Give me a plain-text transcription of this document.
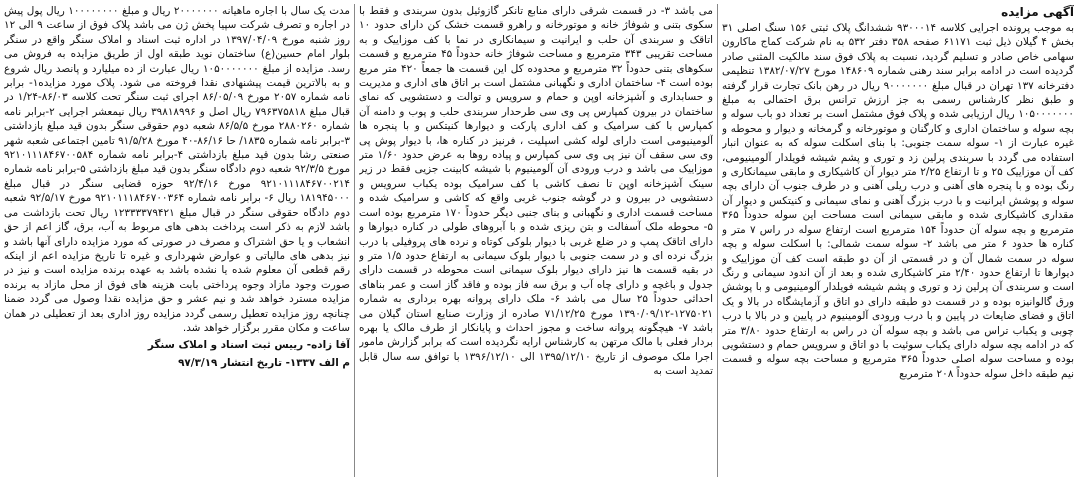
آگهی مزایده
به موجب پرونده اجرایی کلاسه ۹۳۰۰۰۱۴ ششدانگ پلاک ثبتی ۱۵۶ سنگ اصلی ۳۱ بخش ۴ گیلان ذیل ثبت ۶۱۱۷۱ صفحه ۳۵۸ دفتر ۵۳۲ به نام شرکت کماج ماکارون سهامی خاص صادر و تسلیم گردید، نسبت به پلاک فوق سند مالکیت المثنی صادر گردیده است در ادامه برابر سند رهنی شماره ۱۴۸۶۰۹ مورخ ۱۳۸۲/۰۷/۲۷ تنظیمی دفترخانه ۱۳۷ تهران در قبال مبلغ ۹۰۰۰۰۰۰۰ ریال در رهن بانک تجارت قرار گرفته و طبق نظر کارشناس رسمی به جز ارزش ترانس برق احتمالی به مبلغ ۱۰۵۰۰۰۰۰۰۰ ریال ارزیابی شده و پلاک فوق مشتمل است بر تعداد دو باب سوله و بچه سوله و ساختمان اداری و کارگنان و موتورخانه و گرمخانه و دیوار و محوطه و غیره عبارت از ۱- سوله سمت جنوبی: با بنای اسکلت سوله که به عنوان انبار استفاده می گردد با سربندی پرلین زد و توری و پشم شیشه فویلدار آلومینیومی، کف آن موزاییک ۲۵ و تا ارتفاع ۲/۲۵ متر دیوار آن کاشیکاری و مابقی سیمانکاری و رنگ بوده و با پنجره های آهنی و درب ریلی آهنی و در طرف جنوب آن دارای بچه سوله و پوشش ایرانیت و با درب بزرگ آهنی و نمای سیمانی و کنیتکس و دیوار آن مقداری کاشیکاری شده و مابقی سیمانی است مساحت این سوله حدوداً ۳۶۵ مترمربع و بچه سوله آن حدوداً ۱۵۴ مترمربع است ارتفاع سوله در راس ۷ متر و کناره ها حدود ۶ متر می باشد ۲- سوله سمت شمالی: با اسکلت سوله و بچه سوله در سمت شمال آن و در قسمتی از آن دو طبقه است کف آن موزاییک و دیوارها تا ارتفاع حدود ۲/۴۰ متر کاشیکاری شده و بعد از آن اندود سیمانی و رنگ است و سربندی آن پرلین زد و توری و پشم شیشه فویلدار آلومینیومی و با پوشش ورق گالوانیزه بوده و در قسمت دو طبقه دارای دو اتاق و آزمایشگاه در بالا و یک اتاق و فضای ضایعات در پایین و با درب ورودی آلومینیوم در پایین و در بالا با درب چوبی و یکباب تراس می باشد و بچه سوله آن در راس به ارتفاع حدود ۳/۸۰ متر که در ادامه بچه سوله دارای یکباب سوئیت با دو اتاق و سرویس حمام و دستشویی بوده و مساحت سوله اصلی حدوداً ۳۶۵ مترمربع و مساحت بچه سوله و قسمت نیم طبقه داخل سوله حدوداً ۲۰۸ مترمربع
می باشد ۳- در قسمت شرقی دارای منابع تانکر گازوئیل بدون سربندی و فقط با سکوی بتنی و شوفاژ خانه و موتورخانه و راهرو قسمت خشک کن دارای حدود ۱۰ اتاقک و سربندی آن حلب و ایرانیت و سیمانکاری در نما با کف موزاییک و به مساحت تقریبی ۳۴۳ مترمربع و مساحت شوفاژ خانه حدوداً ۴۵ مترمربع و قسمت سکوهای بتنی حدوداً ۳۲ مترمربع و محدوده کل این قسمت ها جمعاً ۴۲۰ متر مربع بوده است ۴- ساختمان اداری و نگهبانی مشتمل است بر اتاق های اداری و مدیریت و حسابداری و آشپزخانه اوپن و حمام و سرویس و توالت و دستشویی که نمای ساختمان در بیرون کمپارس پی وی سی طرحدار سربندی حلب و پوب و دامنه آن کمپارس با کف سرامیک و کف اداری پارکت و دیوارها کنیتکس و با پنجره ها آلومینیومی است دارای لوله کشی اسپلیت ، فرنیز در کناره ها، با دیوار پوش پی وی سی سقف آن نیز پی وی سی کمپارس و پیاده روها به عرض حدود ۱/۶۰ متر موزاییک می باشد و درب ورودی آن آلومینیوم با شیشه کابینت جزیی فقط در زیر سینک آشپزخانه اوپن تا نصف کاشی با کف سرامیک بوده یکباب سرویس و دستشویی در بیرون و در گوشه جنوب غربی واقع که کاشی و سرامیک شده و مساحت قسمت اداری و نگهبانی و بنای جنبی دیگر حدوداً ۱۷۰ مترمربع بوده است ۵- محوطه ملک آسفالت و بتن ریزی شده و با آبروهای طولی در کناره دیوارها و دارای اتاقک پمپ و در ضلع غربی با دیوار بلوکی کوتاه و نرده های پروفیلی با درب بزرگ نرده ای و در سمت جنوبی با دیوار بلوک سیمانی به ارتفاع حدود ۱/۵ متر و در بقیه قسمت ها نیز دارای دیوار بلوک سیمانی است محوطه در قسمت دارای جدول و باغچه و دارای چاه آب و برق سه فاز بوده و فاقد گاز است و عمر بناهای احداثی حدوداً ۲۵ سال می باشد ۶- ملک دارای پروانه بهره برداری به شماره ۱۲۷۵۰۲۱-۱۳۹۰/۰۹/۱۲ مورخ ۷۱/۱۲/۲۵ صادره از وزارت صنایع استان گیلان می باشد ۷- هیچگونه پروانه ساخت و مجوز احداث و پایانکار از طرف مالک یا بهره بردار فعلی با مالک مرتهن به کارشناس ارایه نگردیده است که برابر گزارش مامور اجرا ملک موصوف از تاریخ ۱۳۹۵/۱۲/۱۰ الی ۱۳۹۶/۱۲/۱۰ با توافق سه سال قابل تمدید است به
مدت یک سال با اجاره ماهیانه ۲۰۰۰۰۰۰۰ ریال و مبلغ ۱۰۰۰۰۰۰۰۰ ریال پول پیش در اجاره و تصرف شرکت سپیا پخش ژن می باشد پلاک فوق از ساعت ۹ الی ۱۲ روز شنبه مورخ ۱۳۹۷/۰۴/۰۹ در اداره ثبت اسناد و املاک سنگر واقع در سنگر بلوار امام حسین(ع) ساختمان نوید طبقه اول از طریق مزایده به فروش می رسد. مزایده از مبلغ ۱۰۵۰۰۰۰۰۰۰ ریال عبارت از ده میلیارد و پانصد ریال شروع و به بالاترین قیمت پیشنهادی نقدا فروخته می شود. پلاک مورد مزایده۱- برابر نامه شماره ۲۰۵۷ مورخ ۸۶/۰۵/۰۹ اجرای ثبت سنگر تحت کلاسه ۸۶/۰۳-۱/۲۴ در قبال مبلغ ۷۹۶۳۷۵۸۱۸ ریال اصل و ۳۹۸۱۸۹۹۶ ریال نیمعشر اجرایی ۲-برابر نامه شماره ۲۸۸۰۲۶۰ مورخ ۸۶/۵/۵ شعبه دوم حقوقی سنگر بدون قید مبلغ بازداشتی ۳-برابر نامه شماره ۱۸۳۵/ حا ۸۶/۱۶-۴۰ مورخ ۹۱/۵/۲۸ تامین اجتماعی شعبه شهر صنعتی رشا بدون قید مبلغ بازداشتی ۴-برابر نامه شماره ۹۲۱۰۱۱۱۸۴۶۷۰۰۵۸۴ مورخ ۹۲/۳/۵ شعبه دوم دادگاه سنگر بدون قید مبلغ بازداشتی ۵-برابر نامه شماره ۹۲۱۰۱۱۱۸۴۶۷۰۰۲۱۴ مورخ ۹۲/۴/۱۶ حوزه قضایی سنگر در قبال مبلغ ۱۸۱۹۴۵۰۰۰ ریال ۶- برابر نامه شماره ۹۲۱۰۱۱۱۸۴۶۷۰۰۳۶۴ مورخ ۹۲/۵/۱۷ شعبه دوم دادگاه حقوقی سنگر در قبال مبلغ ۱۲۳۳۳۳۷۹۴۲۱ ریال تحت بازداشت می باشد لازم به ذکر است پرداخت بدهی های مربوط به آب، برق، گاز اعم از حق انشعاب و یا حق اشتراک و مصرف در صورتی که مورد مزایده دارای آنها باشد و نیز بدهی های مالیاتی و عوارض شهرداری و غیره تا تاریخ مزایده اعم از اینکه رقم قطعی آن معلوم شده یا نشده باشد به عهده برنده مزایده است و نیز در صورت وجود مازاد وجوه پرداختی بابت هزینه های فوق از محل مازاد به برنده مزایده مسترد خواهد شد و نیم عشر و حق مزایده نقدا وصول می گردد ضمنا چنانچه روز مزایده تعطیل رسمی گردد مزایده روز اداری بعد از تعطیلی در همان ساعت و مکان مقرر برگزار خواهد شد.
آقا زاده- رییس ثبت اسناد و املاک سنگر
م الف ۱۳۳۷- تاریخ انتشار ۹۷/۳/۱۹
